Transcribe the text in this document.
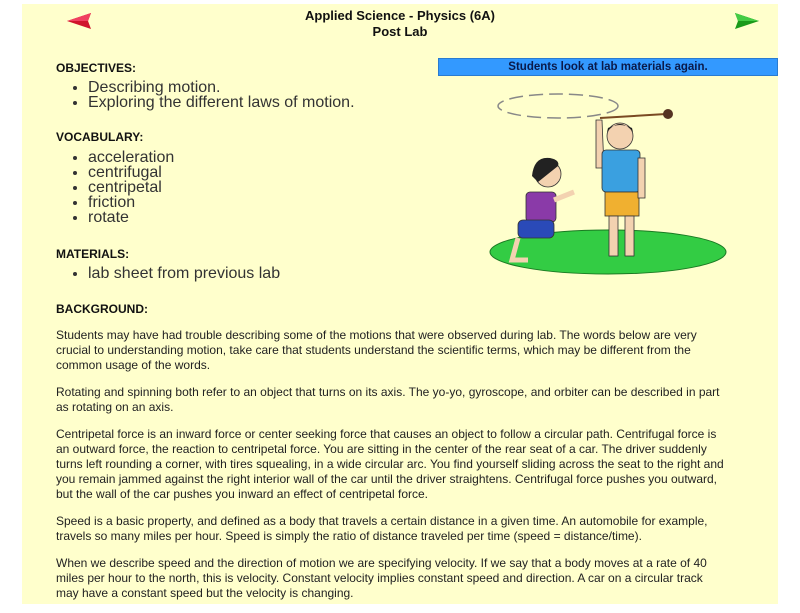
Applied Science - Physics (6A)
Post Lab
Students look at lab materials again.
OBJECTIVES:
• Describing motion.
• Exploring the different laws of motion.
VOCABULARY:
• acceleration
• centrifugal
• centripetal
• friction
• rotate
MATERIALS:
• lab sheet from previous lab
BACKGROUND:

Students may have had trouble describing some of the motions that were observed during lab. The words below are very crucial to understanding motion, take care that students understand the scientific terms, which may be different from the common usage of the words.

Rotating and spinning both refer to an object that turns on its axis. The yo-yo, gyroscope, and orbiter can be described in part as rotating on an axis.

Centripetal force is an inward force or center seeking force that causes an object to follow a circular path. Centrifugal force is an outward force, the reaction to centripetal force. You are sitting in the center of the rear seat of a car. The driver suddenly turns left rounding a corner, with tires squealing, in a wide circular arc. You find yourself sliding across the seat to the right and you remain jammed against the right interior wall of the car until the driver straightens. Centrifugal force pushes you outward, but the wall of the car pushes you inward an effect of centripetal force.

Speed is a basic property, and defined as a body that travels a certain distance in a given time. An automobile for example, travels so many miles per hour. Speed is simply the ratio of distance traveled per time (speed = distance/time).

When we describe speed and the direction of motion we are specifying velocity. If we say that a body moves at a rate of 40 miles per hour to the north, this is velocity. Constant velocity implies constant speed and direction. A car on a circular track may have a constant speed but the velocity is changing.
